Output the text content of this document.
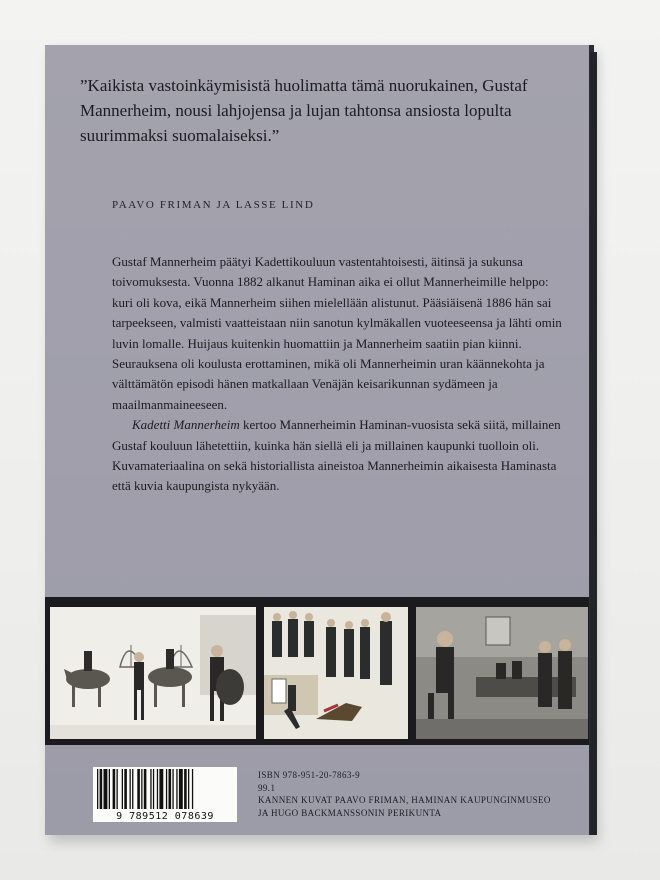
”Kaikista vastoinkäymisistä huolimatta tämä nuorukainen, Gustaf Mannerheim, nousi lahjojensa ja lujan tahtonsa ansiosta lopulta suurimmaksi suomalaiseksi.”
PAAVO FRIMAN JA LASSE LIND

Gustaf Mannerheim päätyi Kadettikouluun vastentahtoisesti, äitinsä ja sukunsa toivomuksesta. Vuonna 1882 alkanut Haminan aika ei ollut Mannerheimille helppo: kuri oli kova, eikä Mannerheim siihen mielellään alistunut. Pääsiäisenä 1886 hän sai tarpeekseen, valmisti vaatteistaan niin sanotun kylmäkallen vuoteeseensa ja lähti omin luvin lomalle. Huijaus kuitenkin huomattiin ja Mannerheim saatiin pian kiinni. Seurauksena oli koulusta erottaminen, mikä oli Mannerheimin uran käännekohta ja välttämätön episodi hänen matkallaan Venäjän keisarikunnan sydämeen ja maailmanmaineeseen.

Kadetti Mannerheim kertoo Mannerheimin Haminan-vuosista sekä siitä, millainen Gustaf kouluun lähetettiin, kuinka hän siellä eli ja millainen kaupunki tuolloin oli. Kuvamateriaalina on sekä historiallista aineistoa Mannerheimin aikaisesta Haminasta että kuvia kaupungista nykyään.

9 789512 078639
ISBN 978-951-20-7863-9
99.1
KANNEN KUVAT PAAVO FRIMAN, HAMINAN KAUPUNGINMUSEO
JA HUGO BACKMANSSONIN PERIKUNTA
